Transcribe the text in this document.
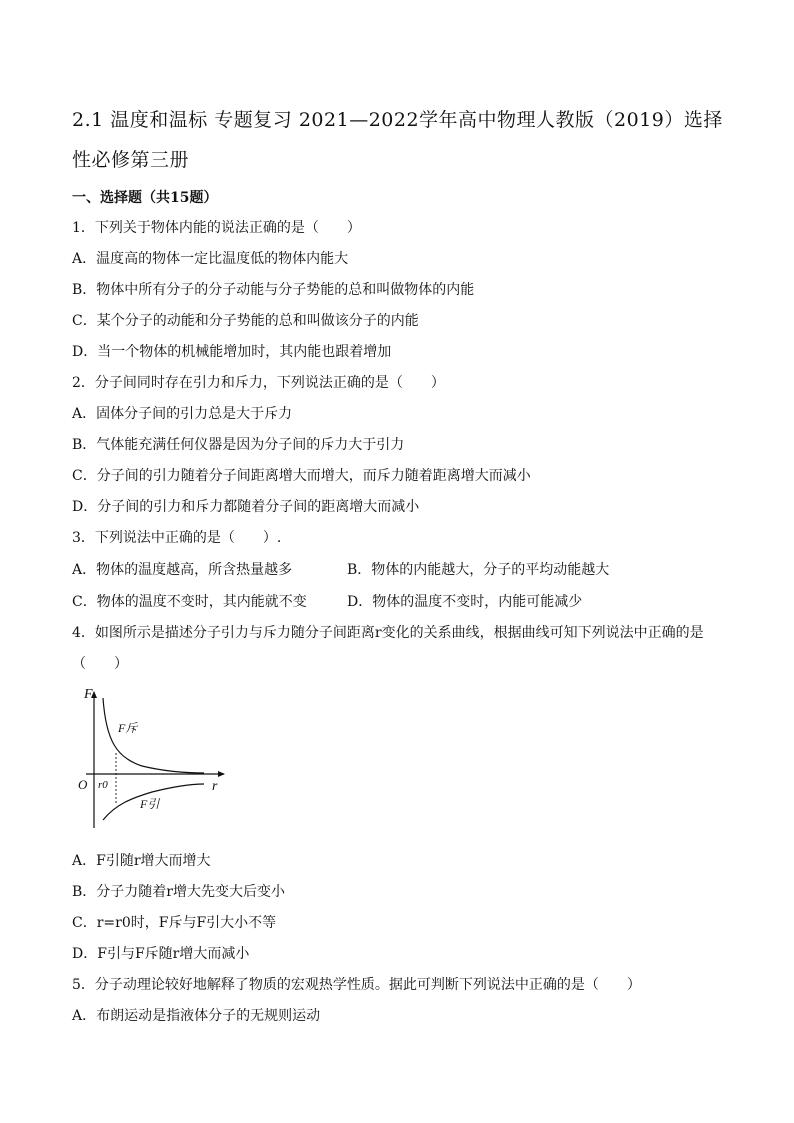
2.1 温度和温标 专题复习 2021—2022学年高中物理人教版（2019）选择性必修第三册
一、选择题（共15题）
1．下列关于物体内能的说法正确的是（　　）
A．温度高的物体一定比温度低的物体内能大
B．物体中所有分子的分子动能与分子势能的总和叫做物体的内能
C．某个分子的动能和分子势能的总和叫做该分子的内能
D．当一个物体的机械能增加时，其内能也跟着增加
2．分子间同时存在引力和斥力，下列说法正确的是（　　）
A．固体分子间的引力总是大于斥力
B．气体能充满任何仪器是因为分子间的斥力大于引力
C．分子间的引力随着分子间距离增大而增大，而斥力随着距离增大而减小
D．分子间的引力和斥力都随着分子间的距离增大而减小
3．下列说法中正确的是（　　）.
A．物体的温度越高，所含热量越多	B．物体的内能越大，分子的平均动能越大
C．物体的温度不变时，其内能就不变	D．物体的温度不变时，内能可能减少
4．如图所示是描述分子引力与斥力随分子间距离r变化的关系曲线，根据曲线可知下列说法中正确的是
（　　）
F
r
O r0
F斥
F引
A．F引随r增大而增大
B．分子力随着r增大先变大后变小
C．r=r0时，F斥与F引大小不等
D．F引与F斥随r增大而减小
5．分子动理论较好地解释了物质的宏观热学性质。据此可判断下列说法中正确的是（　　）
A．布朗运动是指液体分子的无规则运动
